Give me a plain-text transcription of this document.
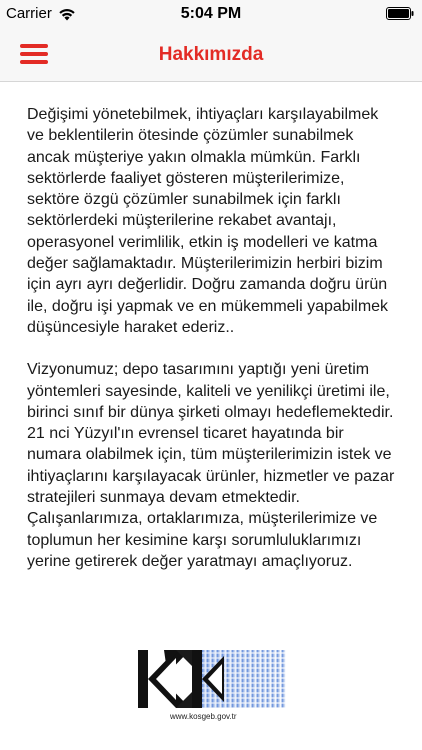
Carrier	5:04 PM
Hakkımızda

Değişimi yönetebilmek, ihtiyaçları karşılayabilmek ve beklentilerin ötesinde çözümler sunabilmek ancak müşteriye yakın olmakla mümkün. Farklı sektörlerde faaliyet gösteren müşterilerimize, sektöre özgü çözümler sunabilmek için farklı sektörlerdeki müşterilerine rekabet avantajı, operasyonel verimlilik, etkin iş modelleri ve katma değer sağlamaktadır. Müşterilerimizin herbiri bizim için ayrı ayrı değerlidir. Doğru zamanda doğru ürün ile, doğru işi yapmak ve en mükemmeli yapabilmek düşüncesiyle haraket ederiz..

Vizyonumuz; depo tasarımını yaptığı yeni üretim yöntemleri sayesinde, kaliteli ve yenilikçi üretimi ile, birinci sınıf bir dünya şirketi olmayı hedeflemektedir. 21 nci Yüzyıl'ın evrensel ticaret hayatında bir numara olabilmek için, tüm müşterilerimizin istek ve ihtiyaçlarını karşılayacak ürünler, hizmetler ve pazar stratejileri sunmaya devam etmektedir. Çalışanlarımıza, ortaklarımıza, müşterilerimize ve toplumun her kesimine karşı sorumluluklarımızı yerine getirerek değer yaratmayı amaçlıyoruz.

www.kosgeb.gov.tr
